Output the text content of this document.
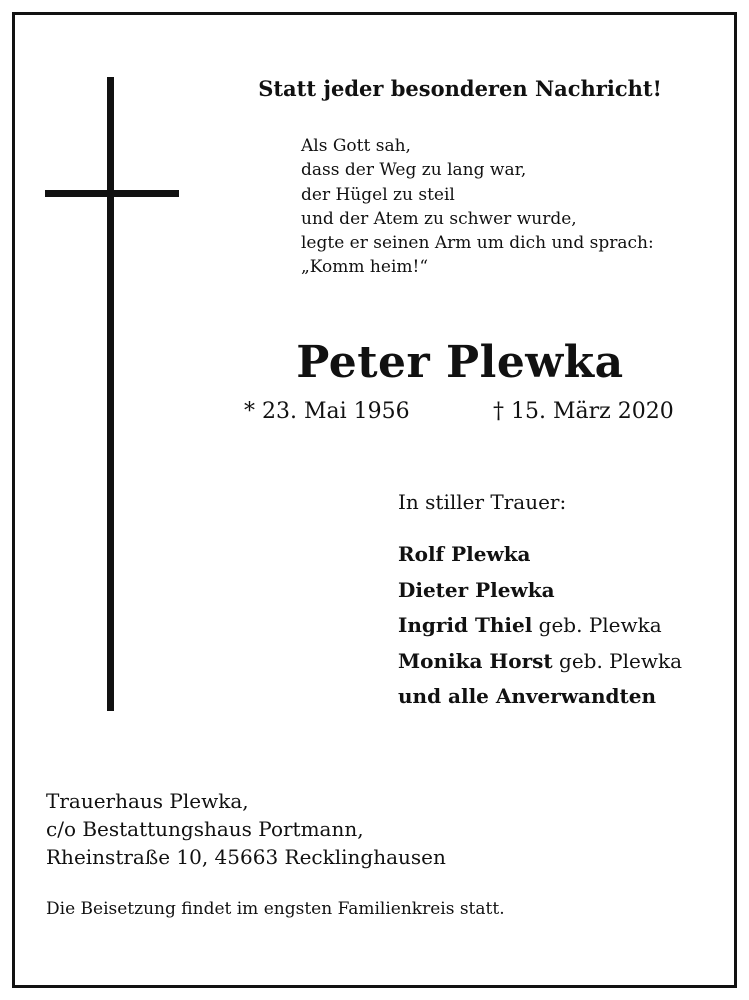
Statt jeder besonderen Nachricht!
Als Gott sah,
dass der Weg zu lang war,
der Hügel zu steil
und der Atem zu schwer wurde,
legte er seinen Arm um dich und sprach:
„Komm heim!“
Peter Plewka
* 23. Mai 1956	† 15. März 2020
In stiller Trauer:
Rolf Plewka
Dieter Plewka
Ingrid Thiel geb. Plewka
Monika Horst geb. Plewka
und alle Anverwandten
Trauerhaus Plewka,
c/o Bestattungshaus Portmann,
Rheinstraße 10, 45663 Recklinghausen
Die Beisetzung findet im engsten Familienkreis statt.
